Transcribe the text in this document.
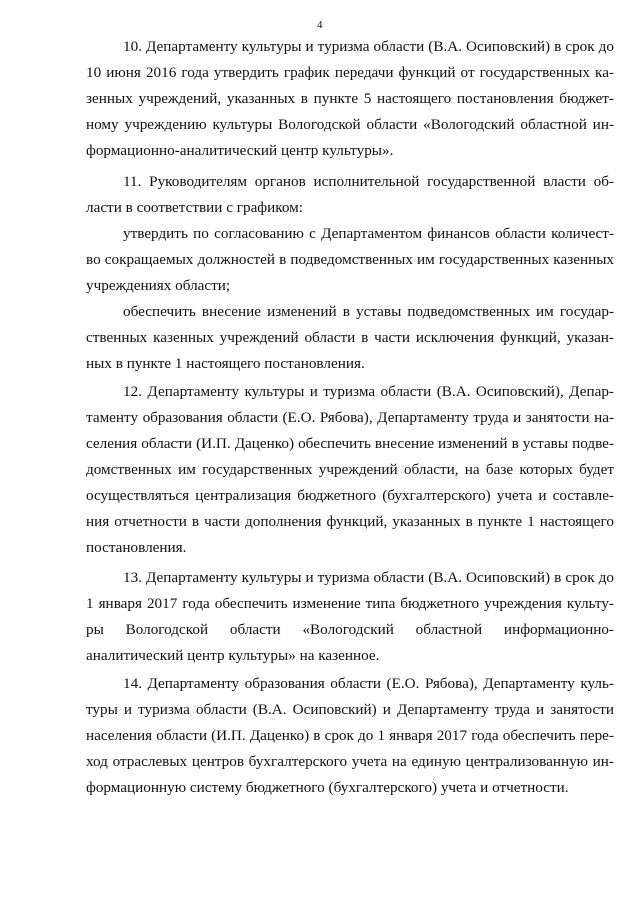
4
10. Департаменту культуры и туризма области (В.А. Осиповский) в срок до
10 июня 2016 года утвердить график передачи функций от государственных ка-
зенных учреждений, указанных в пункте 5 настоящего постановления бюджет-
ному учреждению культуры Вологодской области «Вологодский областной ин-
формационно-аналитический центр культуры».
11. Руководителям органов исполнительной государственной власти об-
ласти в соответствии с графиком:
утвердить по согласованию с Департаментом финансов области количест-
во сокращаемых должностей в подведомственных им государственных казенных
учреждениях области;
обеспечить внесение изменений в уставы подведомственных им государ-
ственных казенных учреждений области в части исключения функций, указан-
ных в пункте 1 настоящего постановления.
12. Департаменту культуры и туризма области (В.А. Осиповский), Депар-
таменту образования области (Е.О. Рябова), Департаменту труда и занятости на-
селения области (И.П. Даценко) обеспечить внесение изменений в уставы подве-
домственных им государственных учреждений области, на базе которых будет
осуществляться централизация бюджетного (бухгалтерского) учета и составле-
ния отчетности в части дополнения функций, указанных в пункте 1 настоящего
постановления.
13. Департаменту культуры и туризма области (В.А. Осиповский) в срок до
1 января 2017 года обеспечить изменение типа бюджетного учреждения культу-
ры Вологодской области «Вологодский областной информационно-
аналитический центр культуры» на казенное.
14. Департаменту образования области (Е.О. Рябова), Департаменту куль-
туры и туризма области (В.А. Осиповский) и Департаменту труда и занятости
населения области (И.П. Даценко) в срок до 1 января 2017 года обеспечить пере-
ход отраслевых центров бухгалтерского учета на единую централизованную ин-
формационную систему бюджетного (бухгалтерского) учета и отчетности.
